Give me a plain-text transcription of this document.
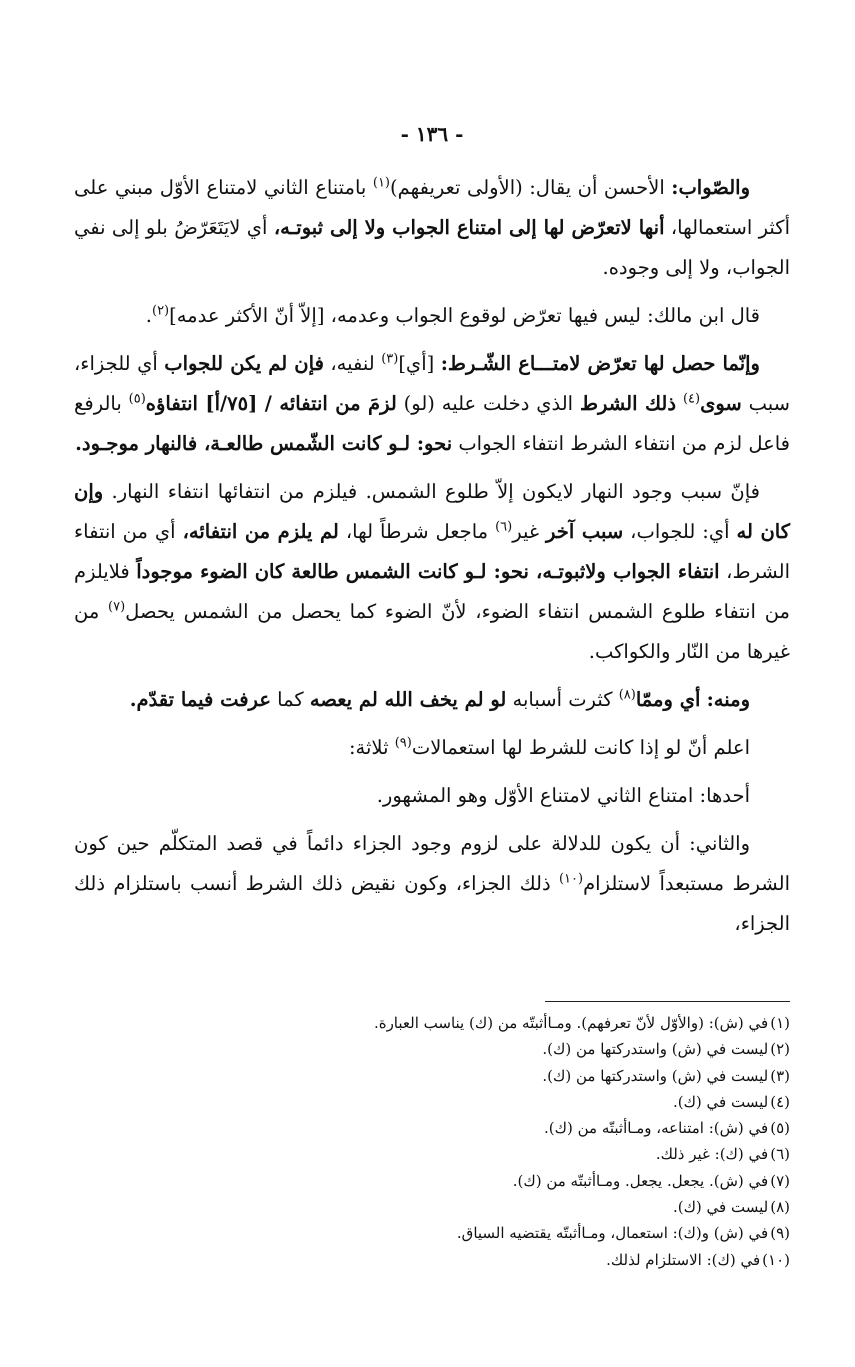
- ١٣٦ -

والصّواب: الأحسن أن يقال: (الأولى تعريفهم)$^{(١)}$ بامتناع الثاني لامتناع الأوّل مبني على أكثر استعمالها، أنها لاتعرّض لها إلى امتناع الجواب ولا إلى ثبوتـه، أي لايَتَعَرّضُ بلو إلى نفي الجواب، ولا إلى وجوده.

قال ابن مالك: ليس فيها تعرّض لوقوع الجواب وعدمه، [إلاّ أنّ الأكثر عدمه]$^{(٢)}$.

وإنّما حصل لها تعرّض لامتـــاع الشّـرط: [أي]$^{(٣)}$ لنفيه، فإن لم يكن للجواب أي للجزاء، سبب سوى$^{(٤)}$ ذلك الشرط الذي دخلت عليه (لو) لزمَ من انتفائه / [٧٥/أ] انتفاؤه$^{(٥)}$ بالرفع فاعل لزم من انتفاء الشرط انتفاء الجواب نحو: لـو كانت الشّمس طالعـة، فالنهار موجـود.

فإنّ سبب وجود النهار لايكون إلاّ طلوع الشمس. فيلزم من انتفائها انتفاء النهار. وإن كان له أي: للجواب، سبب آخر غير$^{(٦)}$ ماجعل شرطاً لها، لم يلزم من انتفائه، أي من انتفاء الشرط، انتفاء الجواب ولاثبوتـه، نحو: لـو كانت الشمس طالعة كان الضوء موجوداً فلايلزم من انتفاء طلوع الشمس انتفاء الضوء، لأنّ الضوء كما يحصل من الشمس يحصل$^{(٧)}$ من غيرها من النّار والكواكب.

ومنه: أي وممّا$^{(٨)}$ كثرت أسبابه لو لم يخف الله لم يعصه كما عرفت فيما تقدّم.

اعلم أنّ لو إذا كانت للشرط لها استعمالات$^{(٩)}$ ثلاثة:

أحدها: امتناع الثاني لامتناع الأوّل وهو المشهور.

والثاني: أن يكون للدلالة على لزوم وجود الجزاء دائماً في قصد المتكلّم حين كون الشرط مستبعداً لاستلزام$^{(١٠)}$ ذلك الجزاء، وكون نقيض ذلك الشرط أنسب باستلزام ذلك الجزاء،

(١)في (ش): (والأوّل لأنّ تعرفهم). ومـاأثبتّه من (ك) يناسب العبارة.
(٢)ليست في (ش) واستدركتها من (ك).
(٣)ليست في (ش) واستدركتها من (ك).
(٤)ليست في (ك).
(٥)في (ش): امتناعه، ومـاأثبتّه من (ك).
(٦)في (ك): غير ذلك.
(٧)في (ش). يجعل. يجعل. ومـاأثبتّه من (ك).
(٨)ليست في (ك).
(٩)في (ش) و(ك): استعمال، ومـاأثبتّه يقتضيه السياق.
(١٠)في (ك): الاستلزام لذلك.
